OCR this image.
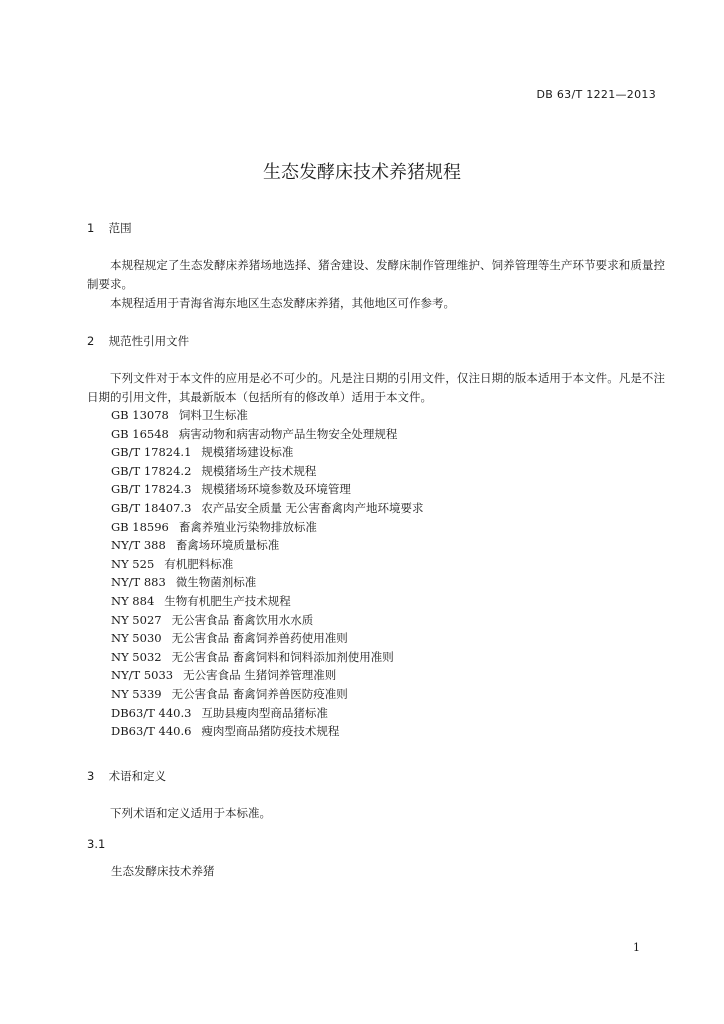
DB 63/T 1221—2013
生态发酵床技术养猪规程
1 范围
本规程规定了生态发酵床养猪场地选择、猪舍建设、发酵床制作管理维护、饲养管理等生产环节要求和质量控制要求。
本规程适用于青海省海东地区生态发酵床养猪，其他地区可作参考。
2 规范性引用文件
下列文件对于本文件的应用是必不可少的。凡是注日期的引用文件，仅注日期的版本适用于本文件。凡是不注日期的引用文件，其最新版本（包括所有的修改单）适用于本文件。
GB 13078 饲料卫生标准
GB 16548 病害动物和病害动物产品生物安全处理规程
GB/T 17824.1 规模猪场建设标准
GB/T 17824.2 规模猪场生产技术规程
GB/T 17824.3 规模猪场环境参数及环境管理
GB/T 18407.3 农产品安全质量 无公害畜禽肉产地环境要求
GB 18596 畜禽养殖业污染物排放标准
NY/T 388 畜禽场环境质量标准
NY 525 有机肥料标准
NY/T 883 微生物菌剂标准
NY 884 生物有机肥生产技术规程
NY 5027 无公害食品 畜禽饮用水水质
NY 5030 无公害食品 畜禽饲养兽药使用准则
NY 5032 无公害食品 畜禽饲料和饲料添加剂使用准则
NY/T 5033 无公害食品 生猪饲养管理准则
NY 5339 无公害食品 畜禽饲养兽医防疫准则
DB63/T 440.3 互助县瘦肉型商品猪标准
DB63/T 440.6 瘦肉型商品猪防疫技术规程
3 术语和定义
下列术语和定义适用于本标准。
3.1
生态发酵床技术养猪
1
